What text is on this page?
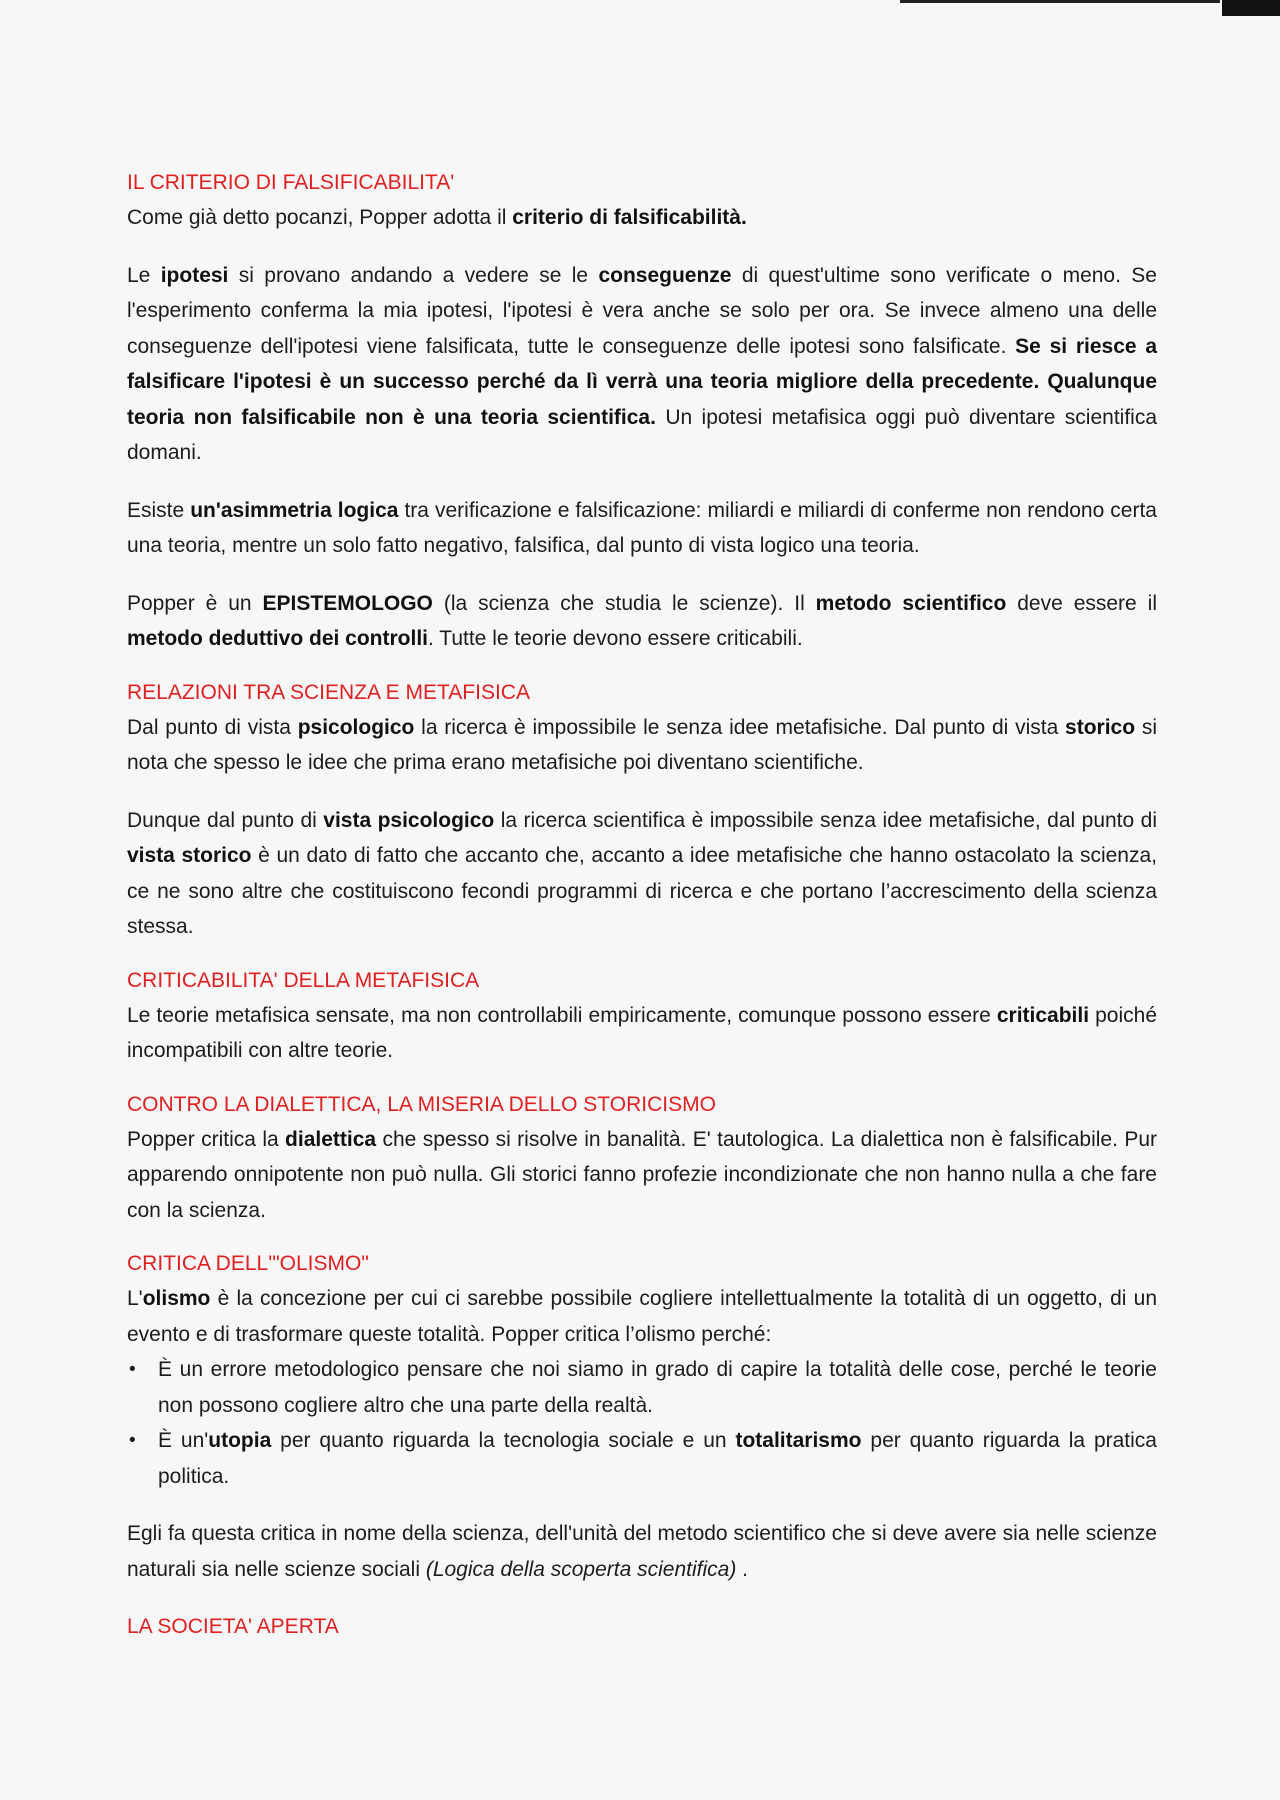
IL CRITERIO DI FALSIFICABILITA'

Come già detto pocanzi, Popper adotta il criterio di falsificabilità.

Le ipotesi si provano andando a vedere se le conseguenze di quest'ultime sono verificate o meno. Se l'esperimento conferma la mia ipotesi, l'ipotesi è vera anche se solo per ora. Se invece almeno una delle conseguenze dell'ipotesi viene falsificata, tutte le conseguenze delle ipotesi sono falsificate. Se si riesce a falsificare l'ipotesi è un successo perché da lì verrà una teoria migliore della precedente. Qualunque teoria non falsificabile non è una teoria scientifica. Un ipotesi metafisica oggi può diventare scientifica domani.

Esiste un'asimmetria logica tra verificazione e falsificazione: miliardi e miliardi di conferme non rendono certa una teoria, mentre un solo fatto negativo, falsifica, dal punto di vista logico una teoria.

Popper è un EPISTEMOLOGO (la scienza che studia le scienze). Il metodo scientifico deve essere il metodo deduttivo dei controlli. Tutte le teorie devono essere criticabili.

RELAZIONI TRA SCIENZA E METAFISICA

Dal punto di vista psicologico la ricerca è impossibile le senza idee metafisiche. Dal punto di vista storico si nota che spesso le idee che prima erano metafisiche poi diventano scientifiche.

Dunque dal punto di vista psicologico la ricerca scientifica è impossibile senza idee metafisiche, dal punto di vista storico è un dato di fatto che accanto che, accanto a idee metafisiche che hanno ostacolato la scienza, ce ne sono altre che costituiscono fecondi programmi di ricerca e che portano l’accrescimento della scienza stessa.

CRITICABILITA' DELLA METAFISICA

Le teorie metafisica sensate, ma non controllabili empiricamente, comunque possono essere criticabili poiché incompatibili con altre teorie.

CONTRO LA DIALETTICA, LA MISERIA DELLO STORICISMO

Popper critica la dialettica che spesso si risolve in banalità. E' tautologica. La dialettica non è falsificabile. Pur apparendo onnipotente non può nulla. Gli storici fanno profezie incondizionate che non hanno nulla a che fare con la scienza.

CRITICA DELL'"OLISMO"

L'olismo è la concezione per cui ci sarebbe possibile cogliere intellettualmente la totalità di un oggetto, di un evento e di trasformare queste totalità. Popper critica l’olismo perché:

• È un errore metodologico pensare che noi siamo in grado di capire la totalità delle cose, perché le teorie non possono cogliere altro che una parte della realtà.
• È un'utopia per quanto riguarda la tecnologia sociale e un totalitarismo per quanto riguarda la pratica politica.

Egli fa questa critica in nome della scienza, dell'unità del metodo scientifico che si deve avere sia nelle scienze naturali sia nelle scienze sociali (Logica della scoperta scientifica) .

LA SOCIETA' APERTA
